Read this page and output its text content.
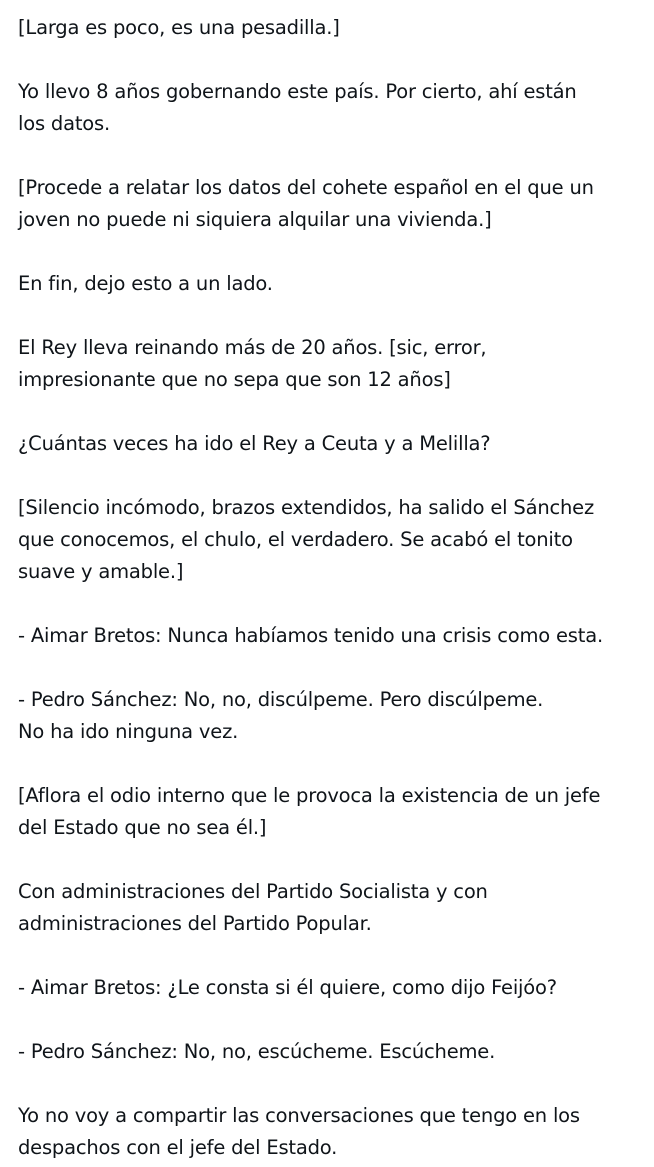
[Larga es poco, es una pesadilla.]

Yo llevo 8 años gobernando este país. Por cierto, ahí están
los datos.

[Procede a relatar los datos del cohete español en el que un
joven no puede ni siquiera alquilar una vivienda.]

En fin, dejo esto a un lado.

El Rey lleva reinando más de 20 años. [sic, error,
impresionante que no sepa que son 12 años]

¿Cuántas veces ha ido el Rey a Ceuta y a Melilla?

[Silencio incómodo, brazos extendidos, ha salido el Sánchez
que conocemos, el chulo, el verdadero. Se acabó el tonito
suave y amable.]

- Aimar Bretos: Nunca habíamos tenido una crisis como esta.

- Pedro Sánchez: No, no, discúlpeme. Pero discúlpeme.
No ha ido ninguna vez.

[Aflora el odio interno que le provoca la existencia de un jefe
del Estado que no sea él.]

Con administraciones del Partido Socialista y con
administraciones del Partido Popular.

- Aimar Bretos: ¿Le consta si él quiere, como dijo Feijóo?

- Pedro Sánchez: No, no, escúcheme. Escúcheme.

Yo no voy a compartir las conversaciones que tengo en los
despachos con el jefe del Estado.
